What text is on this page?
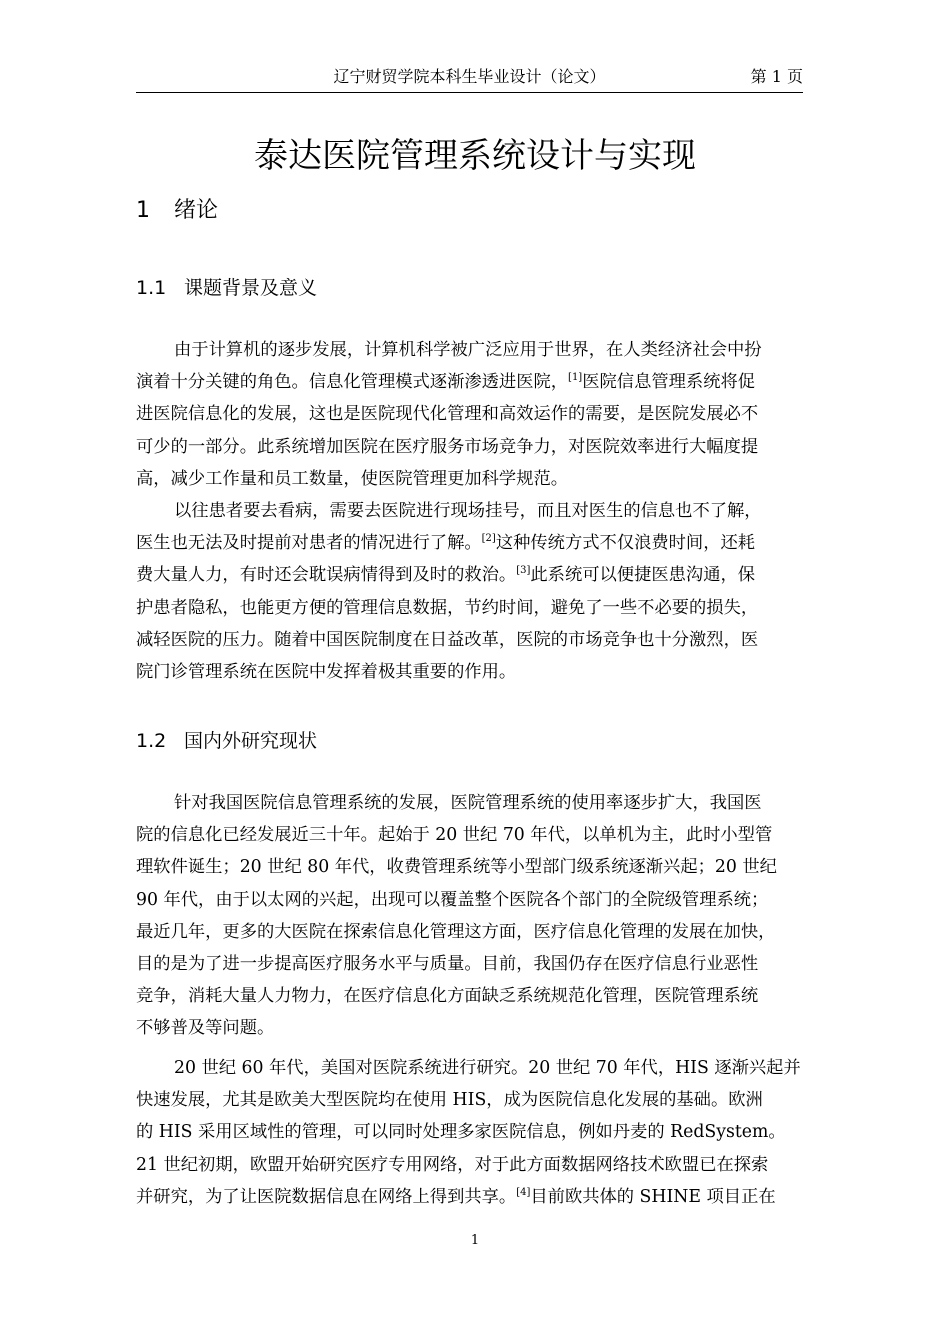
辽宁财贸学院本科生毕业设计（论文）	第 1 页
泰达医院管理系统设计与实现
1 绪论
1.1 课题背景及意义
由于计算机的逐步发展，计算机科学被广泛应用于世界，在人类经济社会中扮
演着十分关键的角色。信息化管理模式逐渐渗透进医院，[1]医院信息管理系统将促
进医院信息化的发展，这也是医院现代化管理和高效运作的需要，是医院发展必不
可少的一部分。此系统增加医院在医疗服务市场竞争力，对医院效率进行大幅度提
高，减少工作量和员工数量，使医院管理更加科学规范。
以往患者要去看病，需要去医院进行现场挂号，而且对医生的信息也不了解，
医生也无法及时提前对患者的情况进行了解。[2]这种传统方式不仅浪费时间，还耗
费大量人力，有时还会耽误病情得到及时的救治。[3]此系统可以便捷医患沟通，保
护患者隐私，也能更方便的管理信息数据，节约时间，避免了一些不必要的损失，
减轻医院的压力。随着中国医院制度在日益改革，医院的市场竞争也十分激烈，医
院门诊管理系统在医院中发挥着极其重要的作用。
1.2 国内外研究现状
针对我国医院信息管理系统的发展，医院管理系统的使用率逐步扩大，我国医
院的信息化已经发展近三十年。起始于 20 世纪 70 年代，以单机为主，此时小型管
理软件诞生；20 世纪 80 年代，收费管理系统等小型部门级系统逐渐兴起；20 世纪
90 年代，由于以太网的兴起，出现可以覆盖整个医院各个部门的全院级管理系统；
最近几年，更多的大医院在探索信息化管理这方面，医疗信息化管理的发展在加快，
目的是为了进一步提高医疗服务水平与质量。目前，我国仍存在医疗信息行业恶性
竞争，消耗大量人力物力，在医疗信息化方面缺乏系统规范化管理，医院管理系统
不够普及等问题。
20 世纪 60 年代，美国对医院系统进行研究。20 世纪 70 年代，HIS 逐渐兴起并
快速发展，尤其是欧美大型医院均在使用 HIS，成为医院信息化发展的基础。欧洲
的 HIS 采用区域性的管理，可以同时处理多家医院信息，例如丹麦的 RedSystem。
21 世纪初期，欧盟开始研究医疗专用网络，对于此方面数据网络技术欧盟已在探索
并研究，为了让医院数据信息在网络上得到共享。[4]目前欧共体的 SHINE 项目正在
1
